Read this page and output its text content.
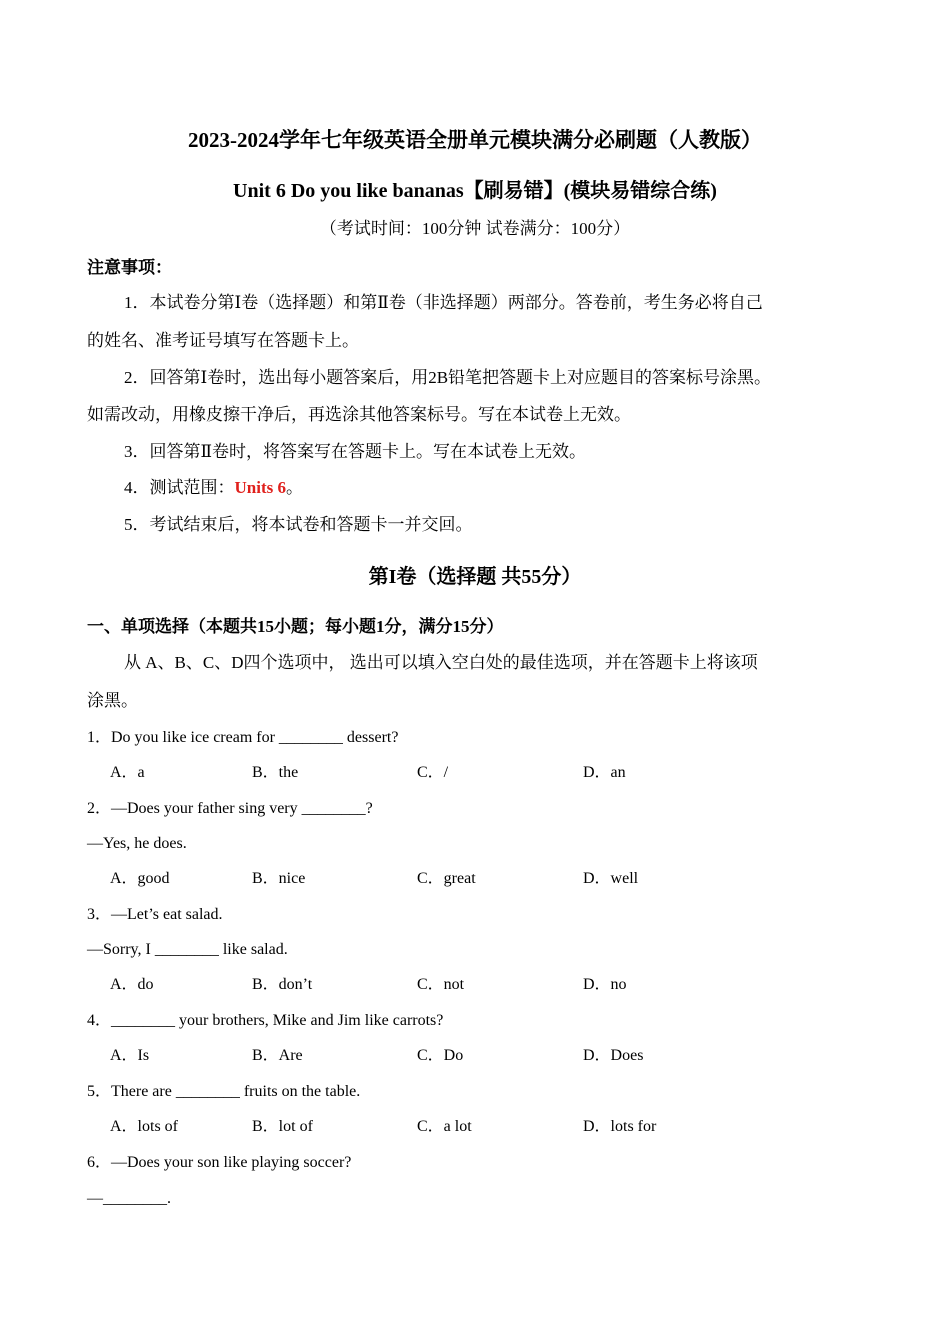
2023-2024学年七年级英语全册单元模块满分必刷题（人教版）
Unit 6 Do you like bananas【刷易错】(模块易错综合练)
（考试时间：100分钟 试卷满分：100分）
注意事项：
1．本试卷分第Ⅰ卷（选择题）和第Ⅱ卷（非选择题）两部分。答卷前，考生务必将自己
的姓名、准考证号填写在答题卡上。
2．回答第Ⅰ卷时，选出每小题答案后，用2B铅笔把答题卡上对应题目的答案标号涂黑。
如需改动，用橡皮擦干净后，再选涂其他答案标号。写在本试卷上无效。
3．回答第Ⅱ卷时，将答案写在答题卡上。写在本试卷上无效。
4．测试范围：Units 6。
5．考试结束后，将本试卷和答题卡一并交回。
第I卷（选择题 共55分）
一、单项选择（本题共15小题；每小题1分，满分15分）
从 A、B、C、D四个选项中， 选出可以填入空白处的最佳选项，并在答题卡上将该项
涂黑。
1．Do you like ice cream for ________ dessert?
A．a	B．the	C．/	D．an
2．—Does your father sing very ________?
—Yes, he does.
A．good	B．nice	C．great	D．well
3．—Let’s eat salad.
—Sorry, I ________ like salad.
A．do	B．don’t	C．not	D．no
4．________ your brothers, Mike and Jim like carrots?
A．Is	B．Are	C．Do	D．Does
5．There are ________ fruits on the table.
A．lots of	B．lot of	C．a lot	D．lots for
6．—Does your son like playing soccer?
—________.
